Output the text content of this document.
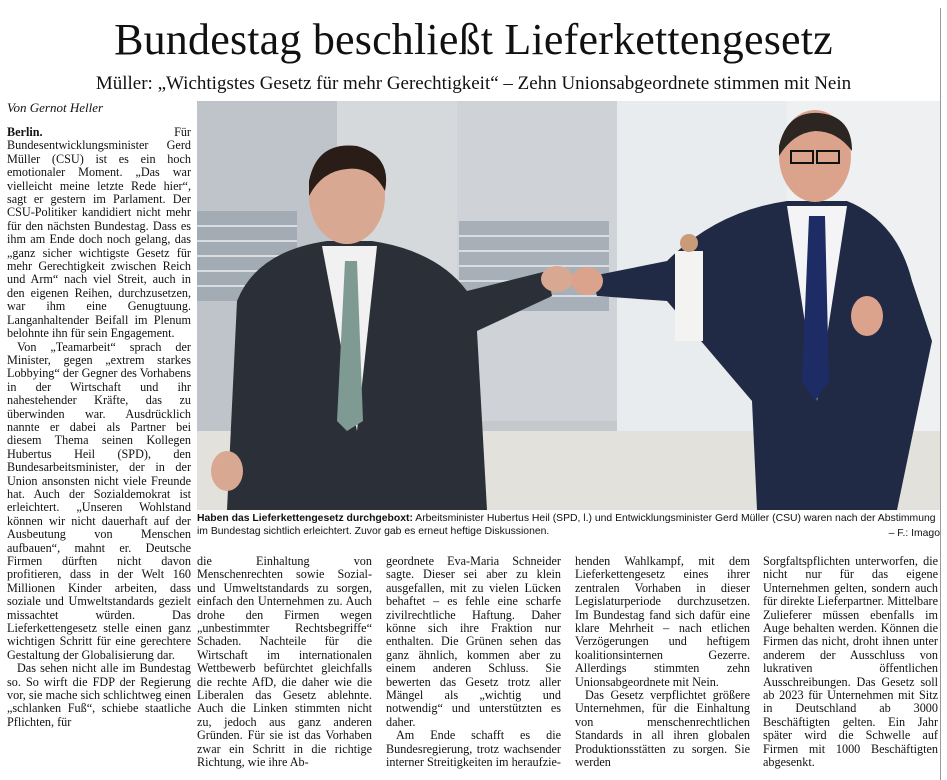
Bundestag beschließt Lieferkettengesetz
Müller: „Wichtigstes Gesetz für mehr Gerechtigkeit“ – Zehn Unionsabgeordnete stimmen mit Nein
Von Gernot Heller

Berlin. Für Bundesentwicklungsminister Gerd Müller (CSU) ist es ein hoch emotionaler Moment. „Das war vielleicht meine letzte Rede hier“, sagt er gestern im Parlament. Der CSU-Politiker kandidiert nicht mehr für den nächsten Bundestag. Dass es ihm am Ende doch noch gelang, das „ganz sicher wichtigste Gesetz für mehr Gerechtigkeit zwischen Reich und Arm“ nach viel Streit, auch in den eigenen Reihen, durchzusetzen, war ihm eine Genugtuung. Langanhaltender Beifall im Plenum belohnte ihn für sein Engagement.

Von „Teamarbeit“ sprach der Minister, gegen „extrem starkes Lobbying“ der Gegner des Vorhabens in der Wirtschaft und ihr nahestehender Kräfte, das zu überwinden war. Ausdrücklich nannte er dabei als Partner bei diesem Thema seinen Kollegen Hubertus Heil (SPD), den Bundesarbeitsminister, der in der Union ansonsten nicht viele Freunde hat. Auch der Sozialdemokrat ist erleichtert. „Unseren Wohlstand können wir nicht dauerhaft auf der Ausbeutung von Menschen aufbauen“, mahnt er. Deutsche Firmen dürften nicht davon profitieren, dass in der Welt 160 Millionen Kinder arbeiten, dass soziale und Umweltstandards gezielt missachtet würden. Das Lieferkettengesetz stelle einen ganz wichtigen Schritt für eine gerechtere Gestaltung der Globalisierung dar.

Das sehen nicht alle im Bundestag so. So wirft die FDP der Regierung vor, sie mache sich schlichtweg einen „schlanken Fuß“, schiebe staatliche Pflichten, für

Haben das Lieferkettengesetz durchgeboxt: Arbeitsminister Hubertus Heil (SPD, l.) und Entwicklungsminister Gerd Müller (CSU) waren nach der Abstimmung im Bundestag sichtlich erleichtert. Zuvor gab es erneut heftige Diskussionen.	– F.: Imago

die Einhaltung von Menschenrechten sowie Sozial- und Umweltstandards zu sorgen, einfach den Unternehmen zu. Auch drohe den Firmen wegen „unbestimmter Rechtsbegriffe“ Schaden. Nachteile für die Wirtschaft im internationalen Wettbewerb befürchtet gleichfalls die rechte AfD, die daher wie die Liberalen das Gesetz ablehnte. Auch die Linken stimmten nicht zu, jedoch aus ganz anderen Gründen. Für sie ist das Vorhaben zwar ein Schritt in die richtige Richtung, wie ihre Ab-

geordnete Eva-Maria Schneider sagte. Dieser sei aber zu klein ausgefallen, mit zu vielen Lücken behaftet – es fehle eine scharfe zivilrechtliche Haftung. Daher könne sich ihre Fraktion nur enthalten. Die Grünen sehen das ganz ähnlich, kommen aber zu einem anderen Schluss. Sie bewerten das Gesetz trotz aller Mängel als „wichtig und notwendig“ und unterstützten es daher.

Am Ende schafft es die Bundesregierung, trotz wachsender interner Streitigkeiten im heraufzie-

henden Wahlkampf, mit dem Lieferkettengesetz eines ihrer zentralen Vorhaben in dieser Legislaturperiode durchzusetzen. Im Bundestag fand sich dafür eine klare Mehrheit – nach etlichen Verzögerungen und heftigem koalitionsinternen Gezerre. Allerdings stimmten zehn Unionsabgeordnete mit Nein.

Das Gesetz verpflichtet größere Unternehmen, für die Einhaltung von menschenrechtlichen Standards in all ihren globalen Produktionsstätten zu sorgen. Sie werden

Sorgfaltspflichten unterworfen, die nicht nur für das eigene Unternehmen gelten, sondern auch für direkte Lieferpartner. Mittelbare Zulieferer müssen ebenfalls im Auge behalten werden. Können die Firmen das nicht, droht ihnen unter anderem der Ausschluss von lukrativen öffentlichen Ausschreibungen. Das Gesetz soll ab 2023 für Unternehmen mit Sitz in Deutschland ab 3000 Beschäftigten gelten. Ein Jahr später wird die Schwelle auf Firmen mit 1000 Beschäftigten abgesenkt.
